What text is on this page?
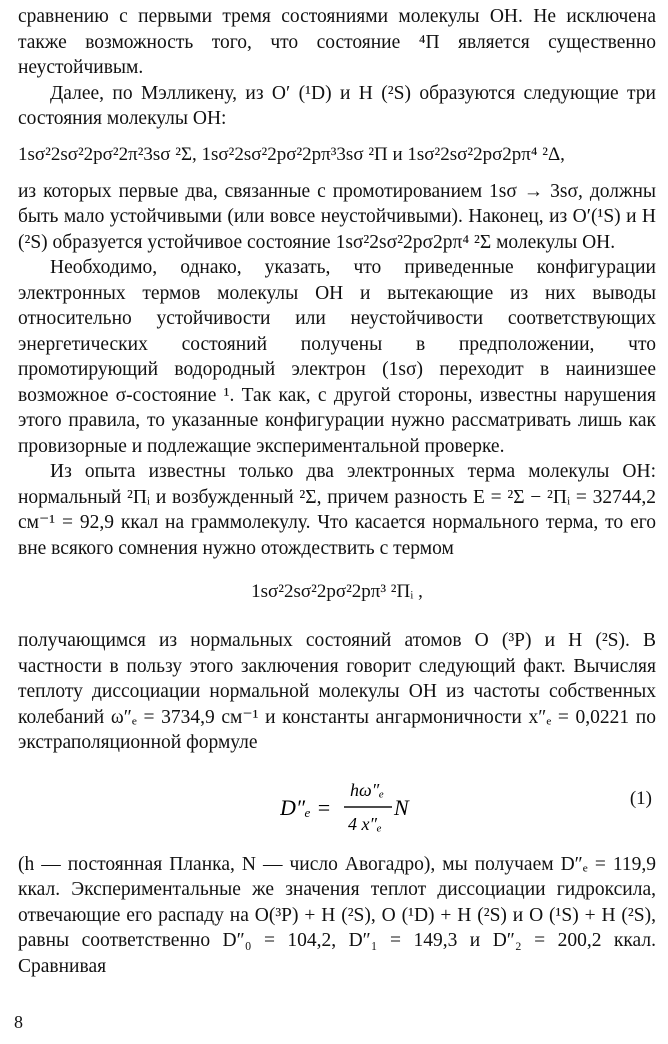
сравнению с первыми тремя состояниями молекулы ОН. Не исключена также возможность того, что состояние ⁴Π является существенно неустойчивым.

Далее, по Мэлликену, из O′ (¹D) и H (²S) образуются следующие три состояния молекулы ОН:

1sσ²2sσ²2pσ²2π²3sσ ²Σ, 1sσ²2sσ²2pσ²2pπ³3sσ ²Π и 1sσ²2sσ²2pσ2pπ⁴ ²Δ,

из которых первые два, связанные с промотированием 1sσ → 3sσ, должны быть мало устойчивыми (или вовсе неустойчивыми). Наконец, из O′(¹S) и H (²S) образуется устойчивое состояние 1sσ²2sσ²2pσ2pπ⁴ ²Σ молекулы ОН.

Необходимо, однако, указать, что приведенные конфигурации электронных термов молекулы ОН и вытекающие из них выводы относительно устойчивости или неустойчивости соответствующих энергетических состояний получены в предположении, что промотирующий водородный электрон (1sσ) переходит в наинизшее возможное σ-состояние ¹. Так как, с другой стороны, известны нарушения этого правила, то указанные конфигурации нужно рассматривать лишь как провизорные и подлежащие экспериментальной проверке.

Из опыта известны только два электронных терма молекулы ОН: нормальный ²Πᵢ и возбужденный ²Σ, причем разность E = ²Σ − ²Πᵢ = 32744,2 см⁻¹ = 92,9 ккал на граммолекулу. Что касается нормального терма, то его вне всякого сомнения нужно отождествить с термом

1sσ²2sσ²2pσ²2pπ³ ²Πᵢ ,

получающимся из нормальных состояний атомов O (³P) и H (²S). В частности в пользу этого заключения говорит следующий факт. Вычисляя теплоту диссоциации нормальной молекулы ОН из частоты собственных колебаний ω″ₑ = 3734,9 см⁻¹ и константы ангармоничности x″ₑ = 0,0221 по экстраполяционной формуле

D″ₑ =
hω″ₑ
4 x″ₑ
N	(1)

(h — постоянная Планка, N — число Авогадро), мы получаем D″ₑ = 119,9 ккал. Экспериментальные же значения теплот диссоциации гидроксила, отвечающие его распаду на O(³P) + H (²S), O (¹D) + H (²S) и O (¹S) + H (²S), равны соответственно D″₀ = 104,2, D″₁ = 149,3 и D″₂ = 200,2 ккал. Сравнивая

8
